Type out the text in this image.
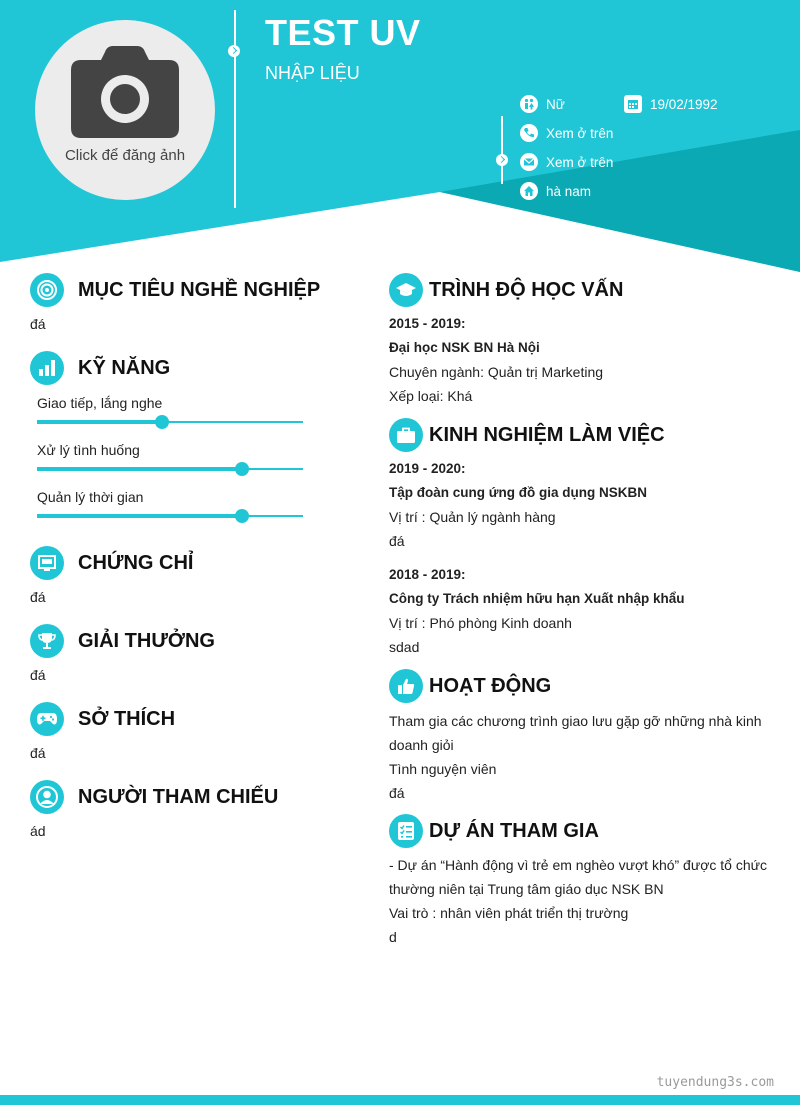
Click để đăng ảnh
TEST UV
NHẬP LIỆU
Nữ	19/02/1992
Xem ở trên
Xem ở trên
hà nam
MỤC TIÊU NGHỀ NGHIỆP
đá
KỸ NĂNG
Giao tiếp, lắng nghe
Xử lý tình huống
Quản lý thời gian
CHỨNG CHỈ
đá
GIẢI THƯỞNG
đá
SỞ THÍCH
đá
NGƯỜI THAM CHIẾU
ád
TRÌNH ĐỘ HỌC VẤN
2015 - 2019:
Đại học NSK BN Hà Nội
Chuyên ngành: Quản trị Marketing
Xếp loại: Khá
KINH NGHIỆM LÀM VIỆC
2019 - 2020:
Tập đoàn cung ứng đồ gia dụng NSKBN
Vị trí : Quản lý ngành hàng
đá
2018 - 2019:
Công ty Trách nhiệm hữu hạn Xuất nhập khẩu
Vị trí : Phó phòng Kinh doanh
sdad
HOẠT ĐỘNG
Tham gia các chương trình giao lưu gặp gỡ những nhà kinh doanh giỏi
Tình nguyện viên
đá
DỰ ÁN THAM GIA
- Dự án “Hành động vì trẻ em nghèo vượt khó” được tổ chức thường niên tại Trung tâm giáo dục NSK BN
Vai trò : nhân viên phát triển thị trường
d
tuyendung3s.com
